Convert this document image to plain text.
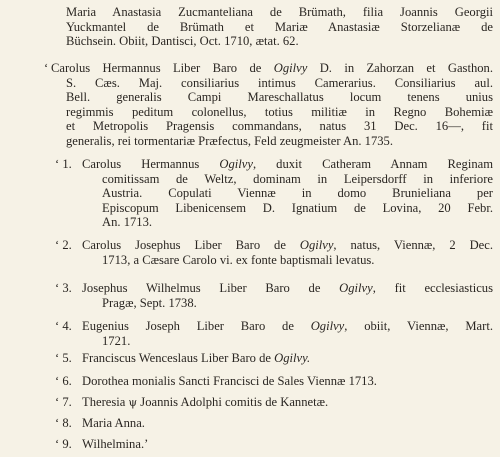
Maria Anastasia Zucmanteliana de Brümath, filia Joannis Georgii
Yuckmantel de Brümath et Mariæ Anastasiæ Storzelianæ de
Büchsein. Obiit, Dantisci, Oct. 1710, ætat. 62.
‘ Carolus Hermannus Liber Baro de Ogilvy D. in Zahorzan et Gasthon.
S. Cæs. Maj. consiliarius intimus Camerarius. Consiliarius aul.
Bell. generalis Campi Mareschallatus locum tenens unius
regimmis peditum colonellus, totius militiæ in Regno Bohemiæ
et Metropolis Pragensis commandans, natus 31 Dec. 16—, fit
generalis, rei tormentariæ Præfectus, Feld zeugmeister An. 1735.
‘ 1. Carolus Hermannus Ogilvy, duxit Catheram Annam Reginam
comitissam de Weltz, dominam in Leipersdorff in inferiore
Austria. Copulati Viennæ in domo Brunieliana per
Episcopum Libenicensem D. Ignatium de Lovina, 20 Febr.
An. 1713.
‘ 2. Carolus Josephus Liber Baro de Ogilvy, natus, Viennæ, 2 Dec.
1713, a Cæsare Carolo vi. ex fonte baptismali levatus.
‘ 3. Josephus Wilhelmus Liber Baro de Ogilvy, fit ecclesiasticus
Pragæ, Sept. 1738.
‘ 4. Eugenius Joseph Liber Baro de Ogilvy, obiit, Viennæ, Mart.
1721.
‘ 5. Franciscus Wenceslaus Liber Baro de Ogilvy.
‘ 6. Dorothea monialis Sancti Francisci de Sales Viennæ 1713.
‘ 7. Theresia ψ Joannis Adolphi comitis de Kannetæ.
‘ 8. Maria Anna.
‘ 9. Wilhelmina.’
